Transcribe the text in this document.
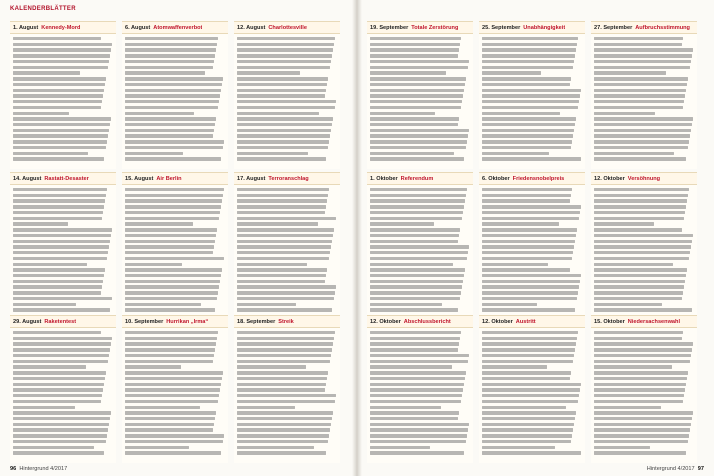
KALENDERBLÄTTER
1. August Kennedy-Mord	6. August Atomwaffenverbot	12. August Charlottesville	19. September Totale Zerstörung	25. September Unabhängigkeit	27. September Aufbruchsstimmung
14. August Rastatt-Desaster	15. August Air Berlin	17. August Terroranschlag	1. Oktober Referendum	6. Oktober Friedensnobelpreis	12. Oktober Versöhnung
29. August Raketentest	10. September Hurrikan „Irma“	18. September Streik	12. Oktober Abschlussbericht	12. Oktober Austritt	15. Oktober Niedersachsenwahl
96 Hintergrund 4/2017	Hintergrund 4/2017 97
